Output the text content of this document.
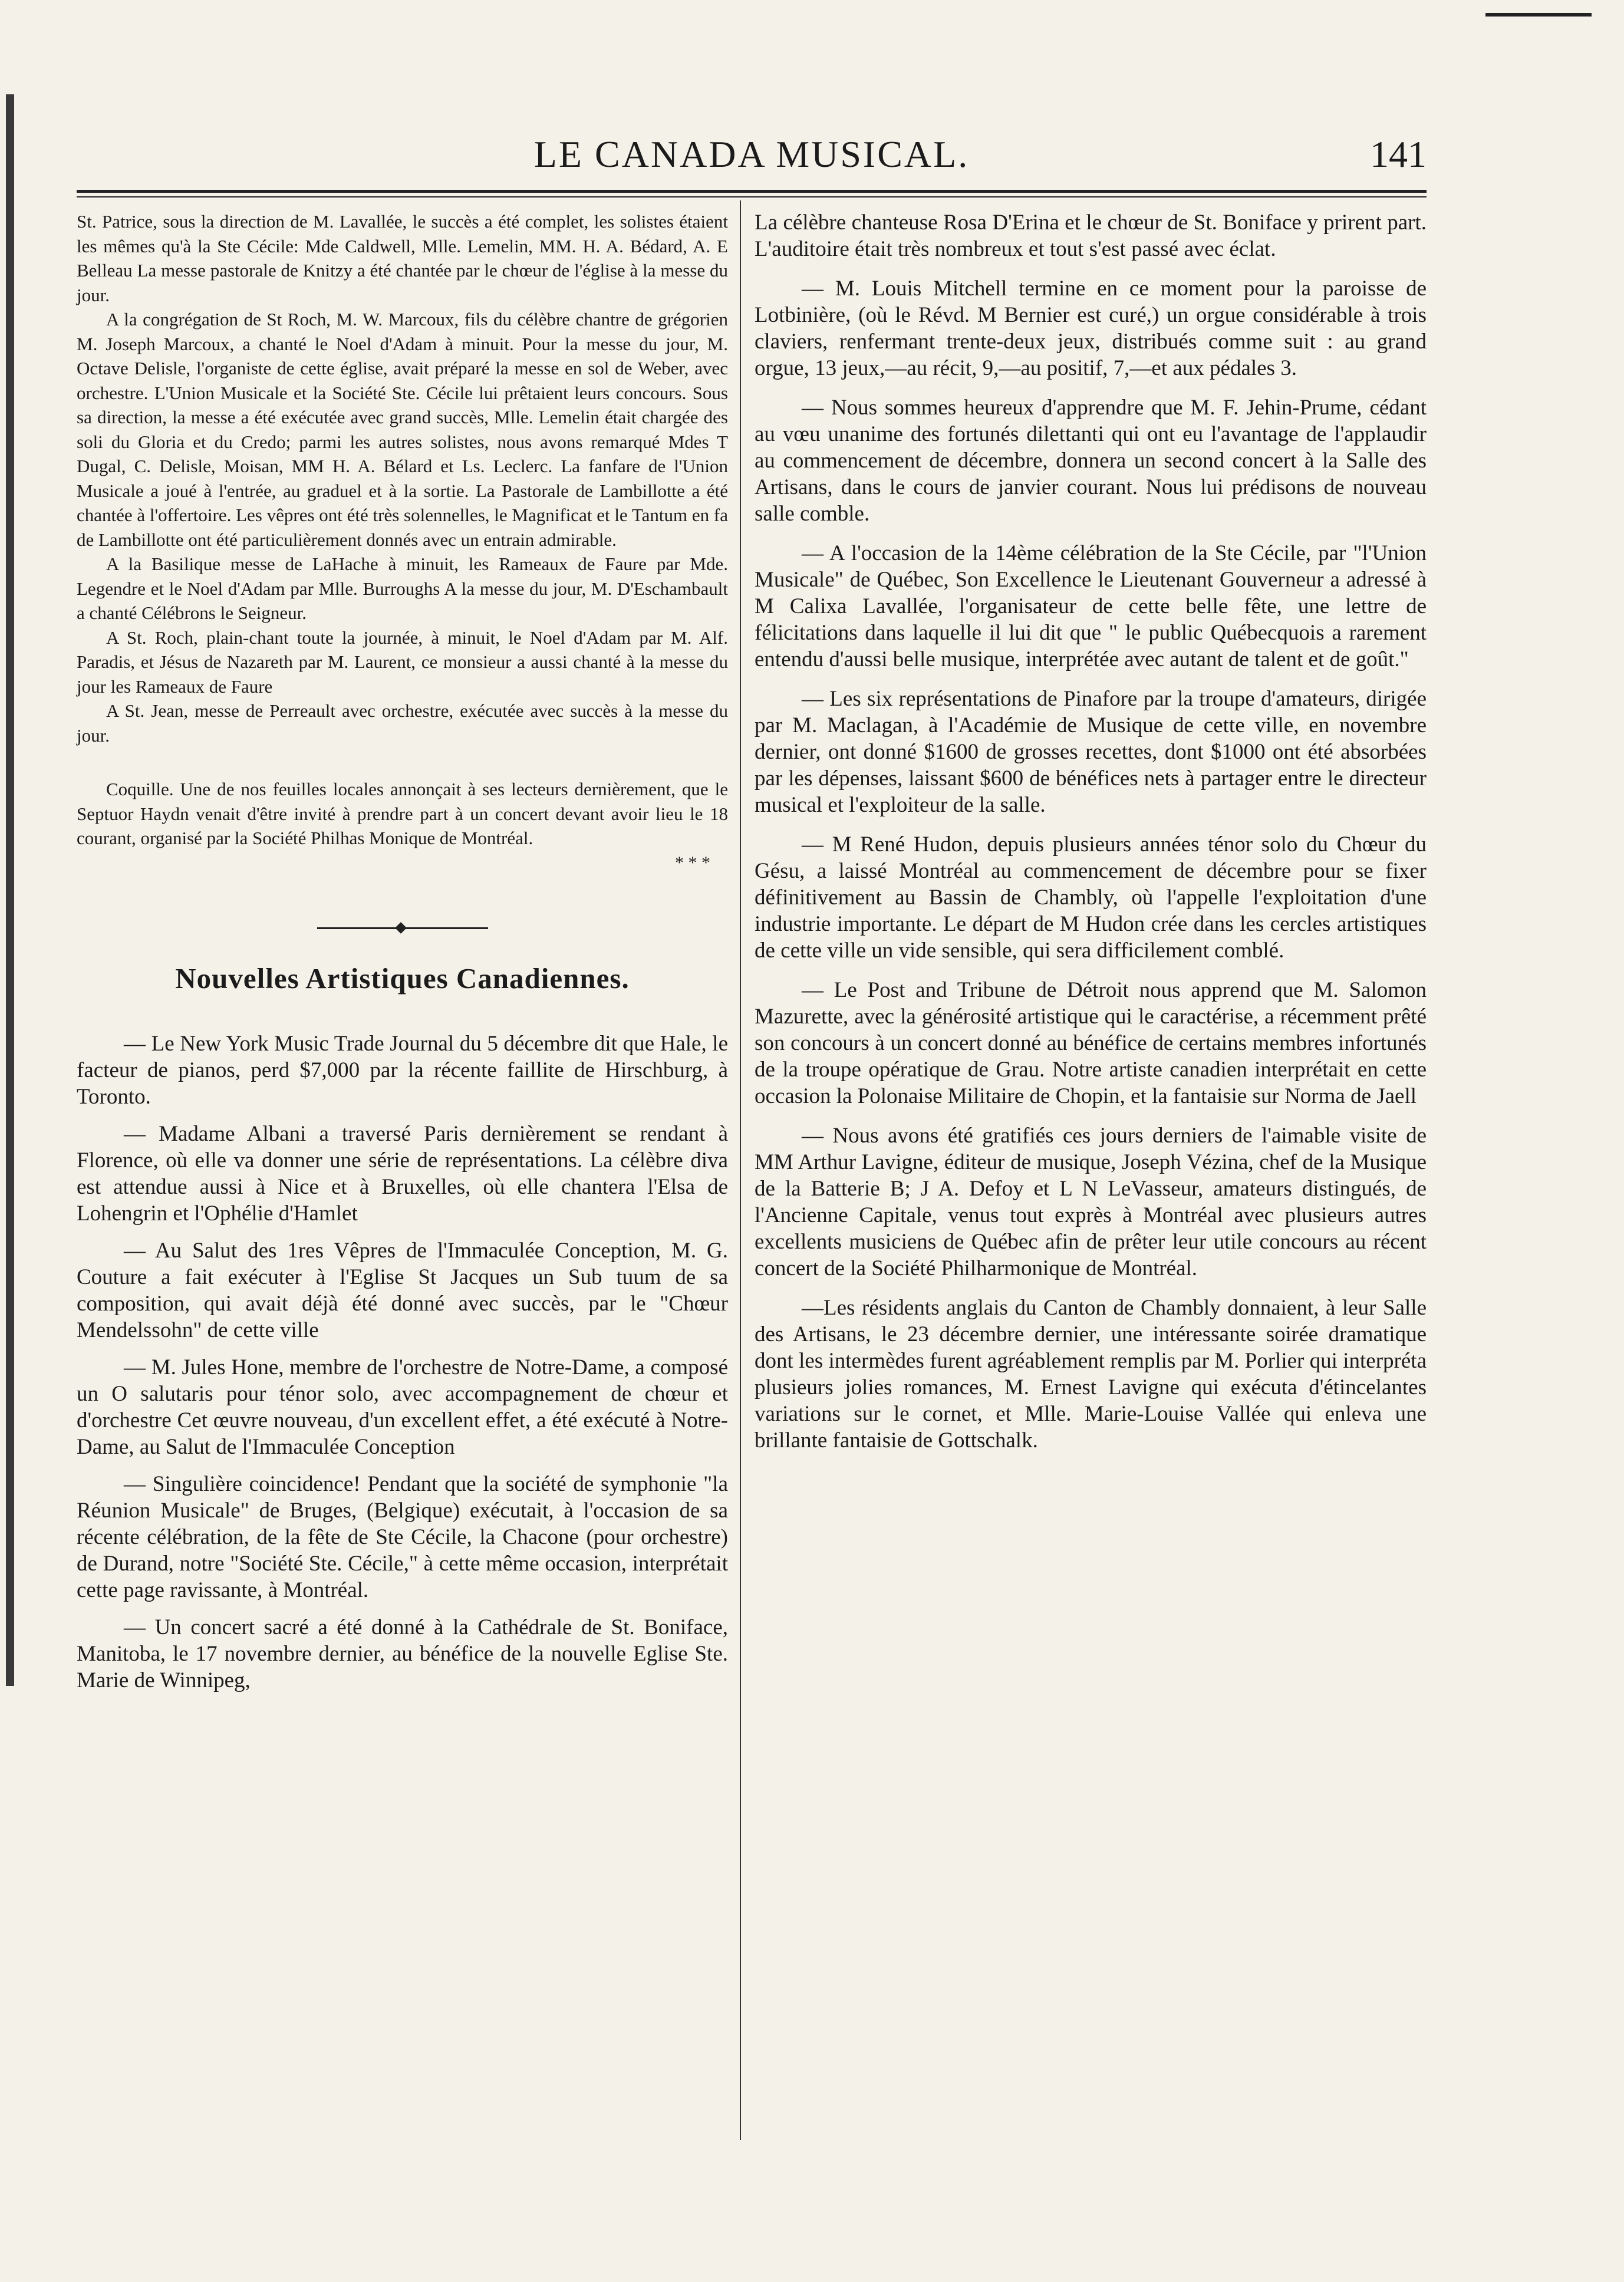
LE CANADA MUSICAL.	141

St. Patrice, sous la direction de M. Lavallée, le succès a été complet, les solistes étaient les mêmes qu'à la Ste Cécile: Mde Caldwell, Mlle. Lemelin, MM. H. A. Bédard, A. E Belleau La messe pastorale de Knitzy a été chantée par le chœur de l'église à la messe du jour.

A la congrégation de St Roch, M. W. Marcoux, fils du célèbre chantre de grégorien M. Joseph Marcoux, a chanté le Noel d'Adam à minuit. Pour la messe du jour, M. Octave Delisle, l'organiste de cette église, avait préparé la messe en sol de Weber, avec orchestre. L'Union Musicale et la Société Ste. Cécile lui prêtaient leurs concours. Sous sa direction, la messe a été exécutée avec grand succès, Mlle. Lemelin était chargée des soli du Gloria et du Credo; parmi les autres solistes, nous avons remarqué Mdes T Dugal, C. Delisle, Moisan, MM H. A. Bélard et Ls. Leclerc. La fanfare de l'Union Musicale a joué à l'entrée, au graduel et à la sortie. La Pastorale de Lambillotte a été chantée à l'offertoire. Les vêpres ont été très solennelles, le Magnificat et le Tantum en fa de Lambillotte ont été particulièrement donnés avec un entrain admirable.

A la Basilique messe de LaHache à minuit, les Rameaux de Faure par Mde. Legendre et le Noel d'Adam par Mlle. Burroughs A la messe du jour, M. D'Eschambault a chanté Célébrons le Seigneur.

A St. Roch, plain-chant toute la journée, à minuit, le Noel d'Adam par M. Alf. Paradis, et Jésus de Nazareth par M. Laurent, ce monsieur a aussi chanté à la messe du jour les Rameaux de Faure

A St. Jean, messe de Perreault avec orchestre, exécutée avec succès à la messe du jour.

Coquille. Une de nos feuilles locales annonçait à ses lecteurs dernièrement, que le Septuor Haydn venait d'être invité à prendre part à un concert devant avoir lieu le 18 courant, organisé par la Société Philhas Monique de Montréal.

* * *
Nouvelles Artistiques Canadiennes.

— Le New York Music Trade Journal du 5 décembre dit que Hale, le facteur de pianos, perd $7,000 par la récente faillite de Hirschburg, à Toronto.

— Madame Albani a traversé Paris dernièrement se rendant à Florence, où elle va donner une série de représentations. La célèbre diva est attendue aussi à Nice et à Bruxelles, où elle chantera l'Elsa de Lohengrin et l'Ophélie d'Hamlet

— Au Salut des 1res Vêpres de l'Immaculée Conception, M. G. Couture a fait exécuter à l'Eglise St Jacques un Sub tuum de sa composition, qui avait déjà été donné avec succès, par le "Chœur Mendelssohn" de cette ville

— M. Jules Hone, membre de l'orchestre de Notre-Dame, a composé un O salutaris pour ténor solo, avec accompagnement de chœur et d'orchestre Cet œuvre nouveau, d'un excellent effet, a été exécuté à Notre-Dame, au Salut de l'Immaculée Conception

— Singulière coincidence! Pendant que la société de symphonie "la Réunion Musicale" de Bruges, (Belgique) exécutait, à l'occasion de sa récente célébration, de la fête de Ste Cécile, la Chacone (pour orchestre) de Durand, notre "Société Ste. Cécile," à cette même occasion, interprétait cette page ravissante, à Montréal.

— Un concert sacré a été donné à la Cathédrale de St. Boniface, Manitoba, le 17 novembre dernier, au bénéfice de la nouvelle Eglise Ste. Marie de Winnipeg,

La célèbre chanteuse Rosa D'Erina et le chœur de St. Boniface y prirent part. L'auditoire était très nombreux et tout s'est passé avec éclat.

— M. Louis Mitchell termine en ce moment pour la paroisse de Lotbinière, (où le Révd. M Bernier est curé,) un orgue considérable à trois claviers, renfermant trente-deux jeux, distribués comme suit : au grand orgue, 13 jeux,—au récit, 9,—au positif, 7,—et aux pédales 3.

— Nous sommes heureux d'apprendre que M. F. Jehin-Prume, cédant au vœu unanime des fortunés dilettanti qui ont eu l'avantage de l'applaudir au commencement de décembre, donnera un second concert à la Salle des Artisans, dans le cours de janvier courant. Nous lui prédisons de nouveau salle comble.

— A l'occasion de la 14ème célébration de la Ste Cécile, par "l'Union Musicale" de Québec, Son Excellence le Lieutenant Gouverneur a adressé à M Calixa Lavallée, l'organisateur de cette belle fête, une lettre de félicitations dans laquelle il lui dit que " le public Québecquois a rarement entendu d'aussi belle musique, interprétée avec autant de talent et de goût."

— Les six représentations de Pinafore par la troupe d'amateurs, dirigée par M. Maclagan, à l'Académie de Musique de cette ville, en novembre dernier, ont donné $1600 de grosses recettes, dont $1000 ont été absorbées par les dépenses, laissant $600 de bénéfices nets à partager entre le directeur musical et l'exploiteur de la salle.

— M René Hudon, depuis plusieurs années ténor solo du Chœur du Gésu, a laissé Montréal au commencement de décembre pour se fixer définitivement au Bassin de Chambly, où l'appelle l'exploitation d'une industrie importante. Le départ de M Hudon crée dans les cercles artistiques de cette ville un vide sensible, qui sera difficilement comblé.

— Le Post and Tribune de Détroit nous apprend que M. Salomon Mazurette, avec la générosité artistique qui le caractérise, a récemment prêté son concours à un concert donné au bénéfice de certains membres infortunés de la troupe opératique de Grau. Notre artiste canadien interprétait en cette occasion la Polonaise Militaire de Chopin, et la fantaisie sur Norma de Jaell

— Nous avons été gratifiés ces jours derniers de l'aimable visite de MM Arthur Lavigne, éditeur de musique, Joseph Vézina, chef de la Musique de la Batterie B; J A. Defoy et L N LeVasseur, amateurs distingués, de l'Ancienne Capitale, venus tout exprès à Montréal avec plusieurs autres excellents musiciens de Québec afin de prêter leur utile concours au récent concert de la Société Philharmonique de Montréal.

—Les résidents anglais du Canton de Chambly donnaient, à leur Salle des Artisans, le 23 décembre dernier, une intéressante soirée dramatique dont les intermèdes furent agréablement remplis par M. Porlier qui interpréta plusieurs jolies romances, M. Ernest Lavigne qui exécuta d'étincelantes variations sur le cornet, et Mlle. Marie-Louise Vallée qui enleva une brillante fantaisie de Gottschalk.
